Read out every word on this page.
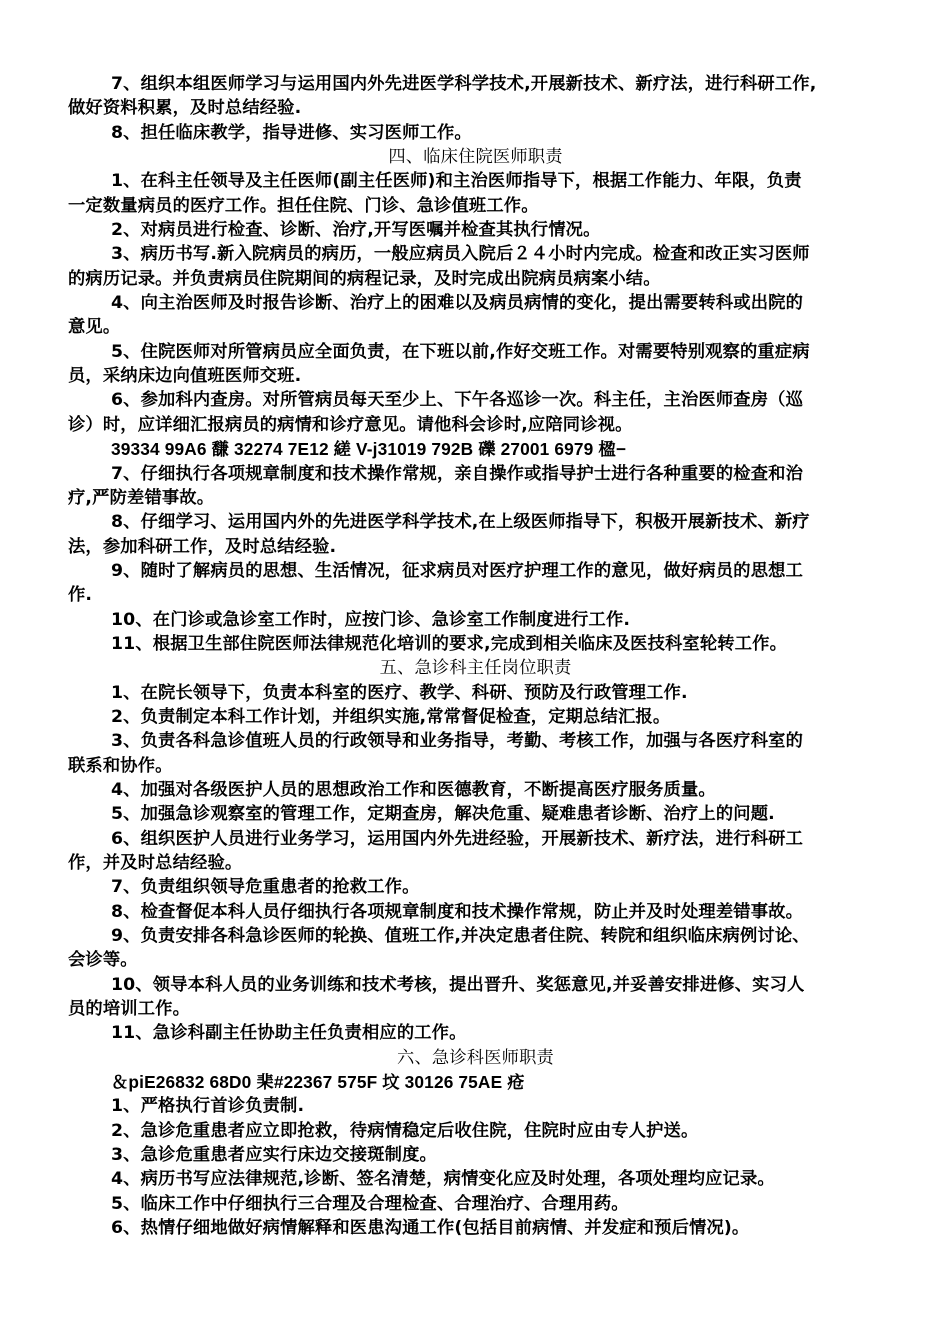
7、组织本组医师学习与运用国内外先进医学科学技术,开展新技术、新疗法，进行科研工作,
做好资料积累，及时总结经验.
8、担任临床教学，指导进修、实习医师工作。
四、临床住院医师职责
1、在科主任领导及主任医师(副主任医师)和主治医师指导下，根据工作能力、年限，负责
一定数量病员的医疗工作。担任住院、门诊、急诊值班工作。
2、对病员进行检查、诊断、治疗,开写医嘱并检查其执行情况。
3、病历书写.新入院病员的病历，一般应病员入院后２４小时内完成。检查和改正实习医师
的病历记录。并负责病员住院期间的病程记录，及时完成出院病员病案小结。
4、向主治医师及时报告诊断、治疗上的困难以及病员病情的变化，提出需要转科或出院的
意见。
5、住院医师对所管病员应全面负责，在下班以前,作好交班工作。对需要特别观察的重症病
员，采纳床边向值班医师交班.
6、参加科内查房。对所管病员每天至少上、下午各巡诊一次。科主任，主治医师查房（巡
诊）时，应详细汇报病员的病情和诊疗意见。请他科会诊时,应陪同诊视。
39334 99A6 馦 32274 7E12 縒 V-j31019 792B 礫 27001 6979 楹−
7、仔细执行各项规章制度和技术操作常规，亲自操作或指导护士进行各种重要的检查和治
疗,严防差错事故。
8、仔细学习、运用国内外的先进医学科学技术,在上级医师指导下，积极开展新技术、新疗
法，参加科研工作，及时总结经验.
9、随时了解病员的思想、生活情况，征求病员对医疗护理工作的意见，做好病员的思想工
作.
10、在门诊或急诊室工作时，应按门诊、急诊室工作制度进行工作.
11、根据卫生部住院医师法律规范化培训的要求,完成到相关临床及医技科室轮转工作。
五、急诊科主任岗位职责
1、在院长领导下，负责本科室的医疗、教学、科研、预防及行政管理工作.
2、负责制定本科工作计划，并组织实施,常常督促检查，定期总结汇报。
3、负责各科急诊值班人员的行政领导和业务指导，考勤、考核工作，加强与各医疗科室的
联系和协作。
4、加强对各级医护人员的思想政治工作和医德教育，不断提高医疗服务质量。
5、加强急诊观察室的管理工作，定期查房，解决危重、疑难患者诊断、治疗上的问题.
6、组织医护人员进行业务学习，运用国内外先进经验，开展新技术、新疗法，进行科研工
作，并及时总结经验。
7、负责组织领导危重患者的抢救工作。
8、检查督促本科人员仔细执行各项规章制度和技术操作常规，防止并及时处理差错事故。
9、负责安排各科急诊医师的轮换、值班工作,并决定患者住院、转院和组织临床病例讨论、
会诊等。
10、领导本科人员的业务训练和技术考核，提出晋升、奖惩意见,并妥善安排进修、实习人
员的培训工作。
11、急诊科副主任协助主任负责相应的工作。
六、急诊科医师职责
＆piE26832 68D0 棐#22367 575F 坟 30126 75AE 疮
1、严格执行首诊负责制.
2、急诊危重患者应立即抢救，待病情稳定后收住院，住院时应由专人护送。
3、急诊危重患者应实行床边交接斑制度。
4、病历书写应法律规范,诊断、签名清楚，病情变化应及时处理，各项处理均应记录。
5、临床工作中仔细执行三合理及合理检查、合理治疗、合理用药。
6、热情仔细地做好病情解释和医患沟通工作(包括目前病情、并发症和预后情况)。
